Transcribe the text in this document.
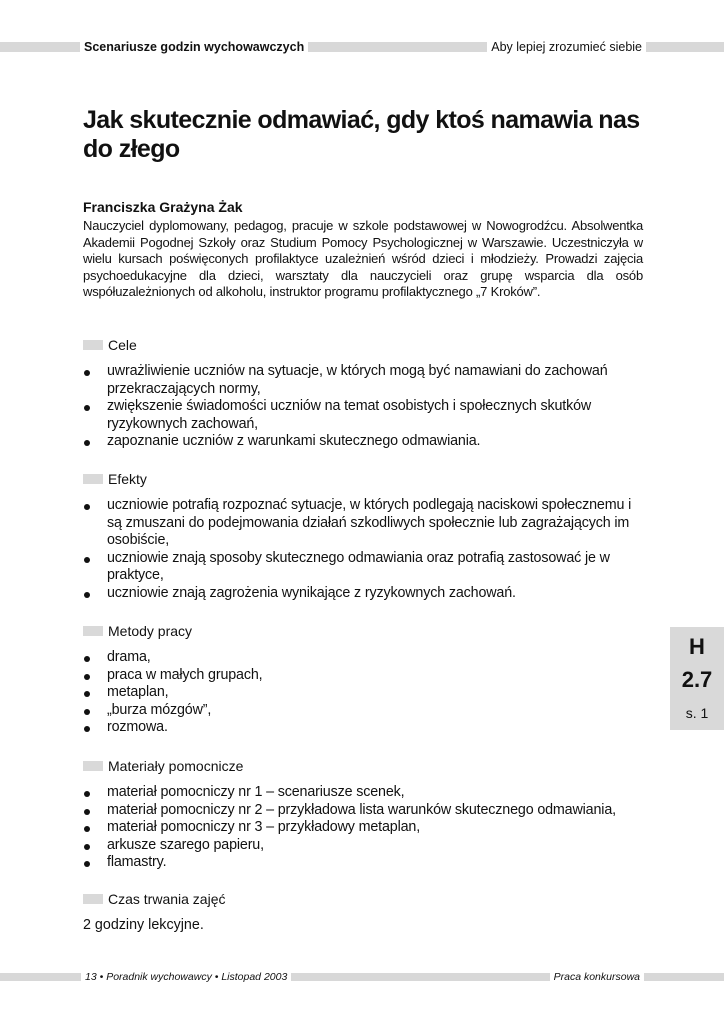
Scenariusze godzin wychowawczych	Aby lepiej zrozumieć siebie
Jak skutecznie odmawiać, gdy ktoś namawia nas do złego
Franciszka Grażyna Żak
Nauczyciel dyplomowany, pedagog, pracuje w szkole podstawowej w Nowogrodźcu. Absolwentka Akademii Pogodnej Szkoły oraz Studium Pomocy Psychologicznej w Warszawie. Uczestniczyła w wielu kursach poświęconych profilaktyce uzależnień wśród dzieci i młodzieży. Prowadzi zajęcia psychoedukacyjne dla dzieci, warsztaty dla nauczycieli oraz grupę wsparcia dla osób współuzależnionych od alkoholu, instruktor programu profilaktycznego „7 Kroków”.
Cele
uwrażliwienie uczniów na sytuacje, w których mogą być namawiani do zachowań przekraczających normy,
zwiększenie świadomości uczniów na temat osobistych i społecznych skutków ryzykownych zachowań,
zapoznanie uczniów z warunkami skutecznego odmawiania.
Efekty
uczniowie potrafią rozpoznać sytuacje, w których podlegają naciskowi społecznemu i są zmuszani do podejmowania działań szkodliwych społecznie lub zagrażających im osobiście,
uczniowie znają sposoby skutecznego odmawiania oraz potrafią zastosować je w praktyce,
uczniowie znają zagrożenia wynikające z ryzykownych zachowań.
Metody pracy
drama,
praca w małych grupach,
metaplan,
„burza mózgów”,
rozmowa.
Materiały pomocnicze
materiał pomocniczy nr 1 – scenariusze scenek,
materiał pomocniczy nr 2 – przykładowa lista warunków skutecznego odmawiania,
materiał pomocniczy nr 3 – przykładowy metaplan,
arkusze szarego papieru,
flamastry.
Czas trwania zajęć
2 godziny lekcyjne.
H
2.7
s. 1
13 • Poradnik wychowawcy • Listopad 2003	Praca konkursowa
